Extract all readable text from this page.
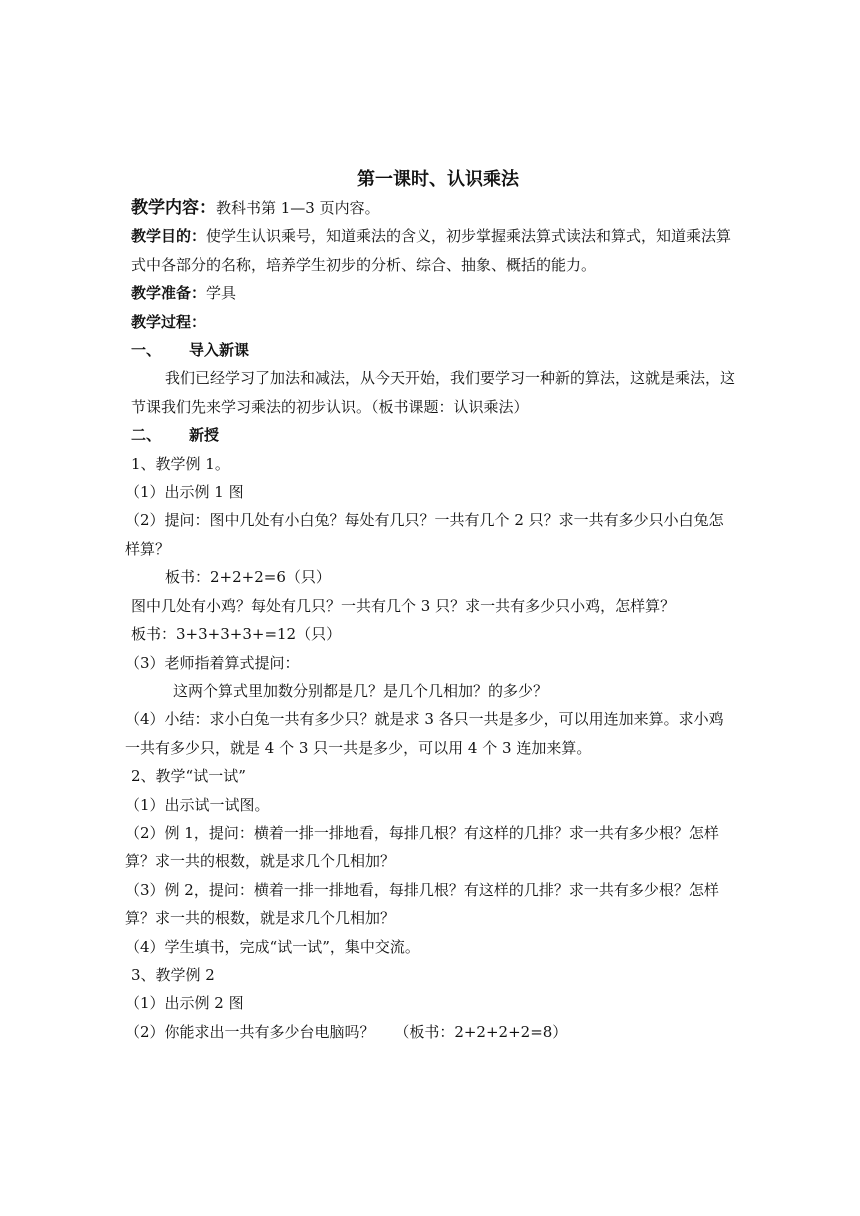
第一课时、认识乘法

教学内容：教科书第 1—3 页内容。

教学目的：使学生认识乘号，知道乘法的含义，初步掌握乘法算式读法和算式，知道乘法算式中各部分的名称，培养学生初步的分析、综合、抽象、概括的能力。

教学准备：学具

教学过程：

一、 导入新课

我们已经学习了加法和减法，从今天开始，我们要学习一种新的算法，这就是乘法，这节课我们先来学习乘法的初步认识。（板书课题：认识乘法）

二、 新授

1、教学例 1。

（1）出示例 1 图

（2）提问：图中几处有小白兔？每处有几只？一共有几个 2 只？求一共有多少只小白兔怎样算？

板书：2+2+2=6（只）

图中几处有小鸡？每处有几只？一共有几个 3 只？求一共有多少只小鸡，怎样算？

板书：3+3+3+3+=12（只）

（3）老师指着算式提问：

这两个算式里加数分别都是几？是几个几相加？的多少？

（4）小结：求小白兔一共有多少只？就是求 3 各只一共是多少，可以用连加来算。求小鸡一共有多少只，就是 4 个 3 只一共是多少，可以用 4 个 3 连加来算。

2、教学“试一试”

（1）出示试一试图。

（2）例 1，提问：横着一排一排地看，每排几根？有这样的几排？求一共有多少根？怎样算？求一共的根数，就是求几个几相加？

（3）例 2，提问：横着一排一排地看，每排几根？有这样的几排？求一共有多少根？怎样算？求一共的根数，就是求几个几相加？

（4）学生填书，完成“试一试”，集中交流。

3、教学例 2

（1）出示例 2 图

（2）你能求出一共有多少台电脑吗？　 （板书：2+2+2+2=8）
